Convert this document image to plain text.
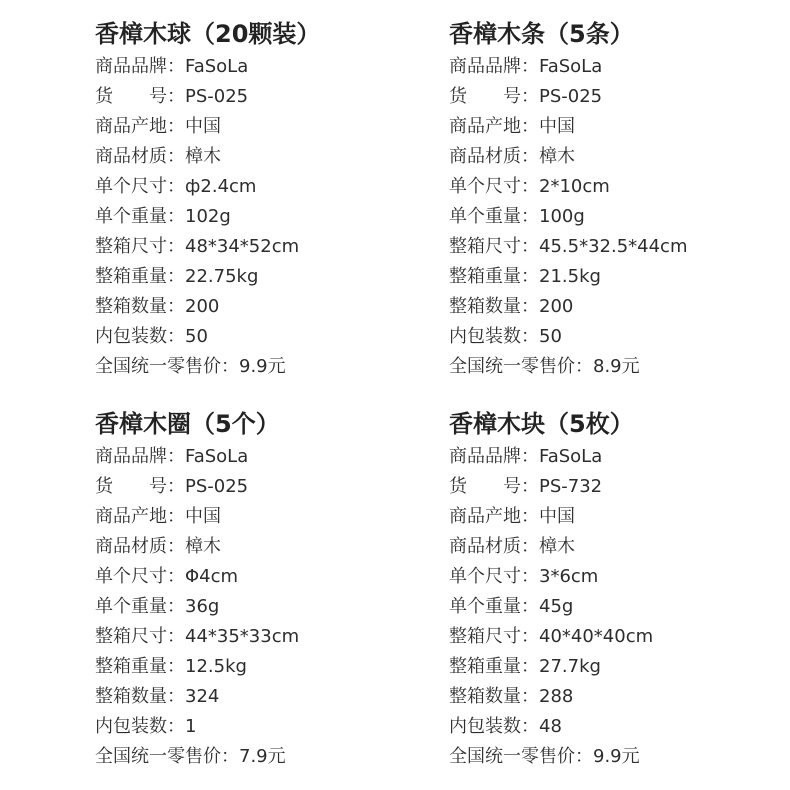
香樟木球（20颗装）
商品品牌：FaSoLa
货　　号：PS-025
商品产地：中国
商品材质：樟木
单个尺寸：ф2.4cm
单个重量：102g
整箱尺寸：48*34*52cm
整箱重量：22.75kg
整箱数量：200
内包装数：50
全国统一零售价：9.9元
香樟木条（5条）
商品品牌：FaSoLa
货　　号：PS-025
商品产地：中国
商品材质：樟木
单个尺寸：2*10cm
单个重量：100g
整箱尺寸：45.5*32.5*44cm
整箱重量：21.5kg
整箱数量：200
内包装数：50
全国统一零售价：8.9元
香樟木圈（5个）
商品品牌：FaSoLa
货　　号：PS-025
商品产地：中国
商品材质：樟木
单个尺寸：Φ4cm
单个重量：36g
整箱尺寸：44*35*33cm
整箱重量：12.5kg
整箱数量：324
内包装数：1
全国统一零售价：7.9元
香樟木块（5枚）
商品品牌：FaSoLa
货　　号：PS-732
商品产地：中国
商品材质：樟木
单个尺寸：3*6cm
单个重量：45g
整箱尺寸：40*40*40cm
整箱重量：27.7kg
整箱数量：288
内包装数：48
全国统一零售价：9.9元
